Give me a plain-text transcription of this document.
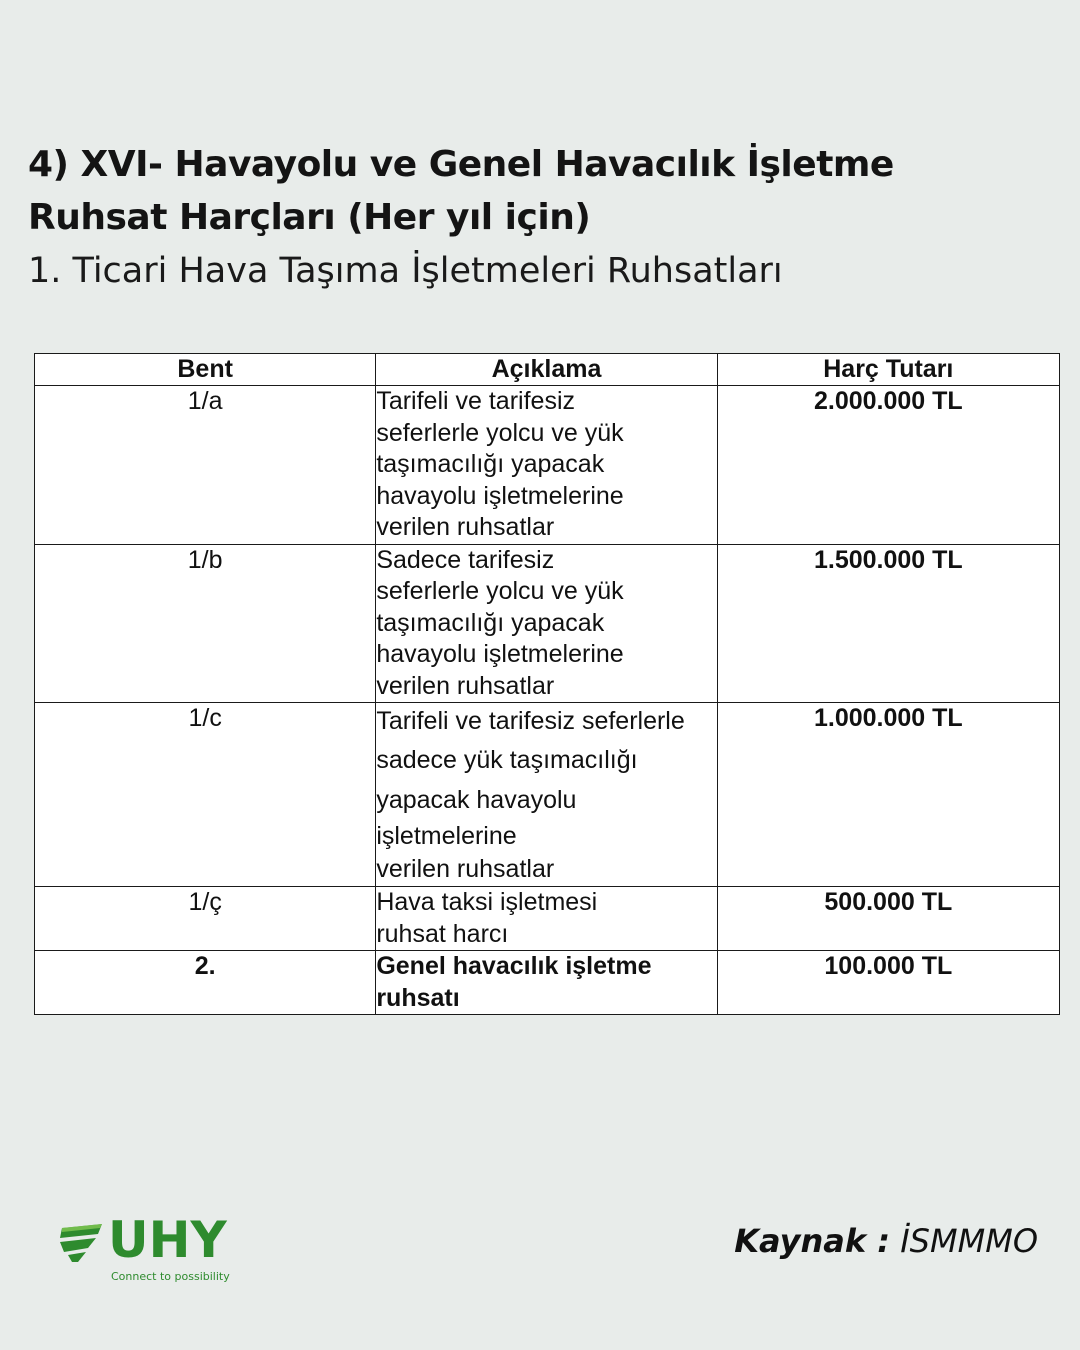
4) XVI- Havayolu ve Genel Havacılık İşletme
Ruhsat Harçları (Her yıl için)
1. Ticari Hava Taşıma İşletmeleri Ruhsatları
Bent	Açıklama	Harç Tutarı
1/a	Tarifeli ve tarifesiz
seferlerle yolcu ve yük
taşımacılığı yapacak
havayolu işletmelerine
verilen ruhsatlar	2.000.000 TL
1/b	Sadece tarifesiz
seferlerle yolcu ve yük
taşımacılığı yapacak
havayolu işletmelerine
verilen ruhsatlar	1.500.000 TL
1/c	Tarifeli ve tarifesiz seferlerle
sadece yük taşımacılığı
yapacak havayolu
işletmelerine
verilen ruhsatlar	1.000.000 TL
1/ç	Hava taksi işletmesi
ruhsat harcı	500.000 TL
2.	Genel havacılık işletme
ruhsatı	100.000 TL
UHY
Connect to possibility
Kaynak : İSMMMO
